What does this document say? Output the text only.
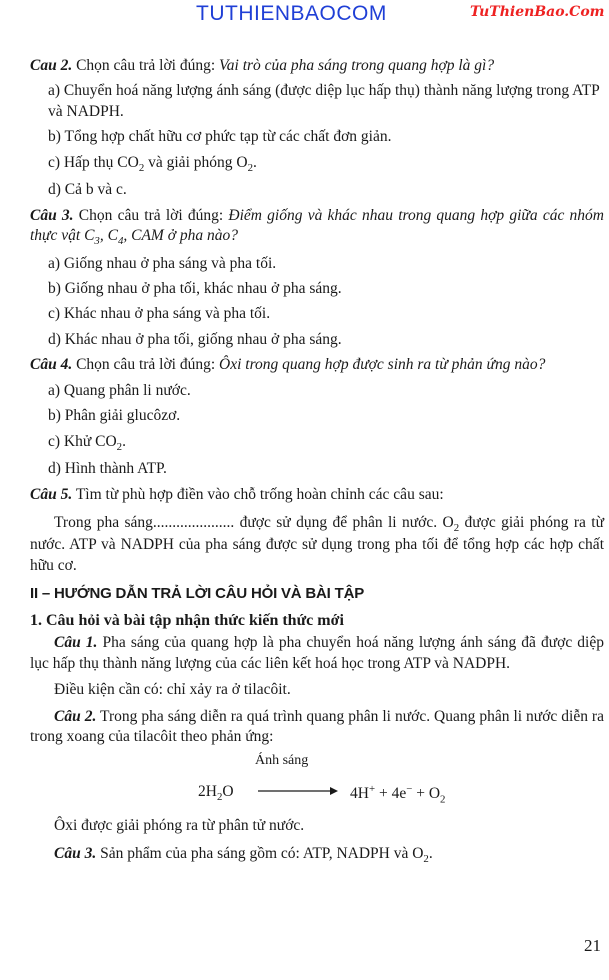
TUTHIENBAOCOM	TuThienBao.Com

Cau 2. Chọn câu trả lời đúng: Vai trò của pha sáng trong quang hợp là gì?

a) Chuyển hoá năng lượng ánh sáng (được diệp lục hấp thụ) thành năng lượng trong ATP và NADPH.

b) Tổng hợp chất hữu cơ phức tạp từ các chất đơn giản.

c) Hấp thụ $CO_2$ và giải phóng $O_2$.

d) Cả b và c.

Câu 3. Chọn câu trả lời đúng: Điểm giống và khác nhau trong quang hợp giữa các nhóm thực vật $C_3$, $C_4$, CAM ở pha nào?

a) Giống nhau ở pha sáng và pha tối.

b) Giống nhau ở pha tối, khác nhau ở pha sáng.

c) Khác nhau ở pha sáng và pha tối.

d) Khác nhau ở pha tối, giống nhau ở pha sáng.

Câu 4. Chọn câu trả lời đúng: Ôxi trong quang hợp được sinh ra từ phản ứng nào?

a) Quang phân li nước.

b) Phân giải glucôzơ.

c) Khử $CO_2$.

d) Hình thành ATP.

Câu 5. Tìm từ phù hợp điền vào chỗ trống hoàn chỉnh các câu sau:

Trong pha sáng..................... được sử dụng để phân li nước. $O_2$ được giải phóng ra từ nước. ATP và NADPH của pha sáng được sử dụng trong pha tối để tổng hợp các hợp chất hữu cơ.

II – HƯỚNG DẪN TRẢ LỜI CÂU HỎI VÀ BÀI TẬP

1. Câu hỏi và bài tập nhận thức kiến thức mới

Câu 1. Pha sáng của quang hợp là pha chuyển hoá năng lượng ánh sáng đã được diệp lục hấp thụ thành năng lượng của các liên kết hoá học trong ATP và NADPH.

Điều kiện cần có: chỉ xảy ra ở tilacôit.

Câu 2. Trong pha sáng diễn ra quá trình quang phân li nước. Quang phân li nước diễn ra trong xoang của tilacôit theo phản ứng:

Ánh sáng
$2H_2O$	$4H^+ + 4e^- + O_2$

Ôxi được giải phóng ra từ phân tử nước.

Câu 3. Sản phẩm của pha sáng gồm có: ATP, NADPH và $O_2$.

21
